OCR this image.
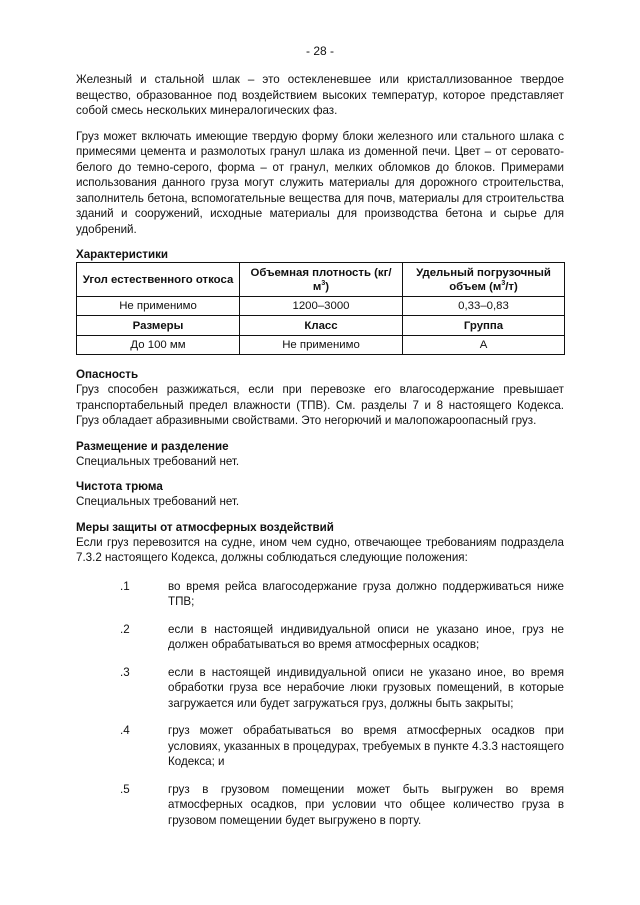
- 28 -

Железный и стальной шлак – это остекленевшее или кристаллизованное твердое вещество, образованное под воздействием высоких температур, которое представляет собой смесь нескольких минералогических фаз.

Груз может включать имеющие твердую форму блоки железного или стального шлака с примесями цемента и размолотых гранул шлака из доменной печи. Цвет – от серовато-белого до темно-серого, форма – от гранул, мелких обломков до блоков. Примерами использования данного груза могут служить материалы для дорожного строительства, заполнитель бетона, вспомогательные вещества для почв, материалы для строительства зданий и сооружений, исходные материалы для производства бетона и сырье для удобрений.

Характеристики
Угол естественного откоса	Объемная плотность $(кг/м^3)$	Удельный погрузочный объем $(м^3/т)$
Не применимо	1200–3000	0,33–0,83
Размеры	Класс	Группа
До 100 мм	Не применимо	А
Опасность

Груз способен разжижаться, если при перевозке его влагосодержание превышает транспортабельный предел влажности (ТПВ). См. разделы 7 и 8 настоящего Кодекса. Груз обладает абразивными свойствами. Это негорючий и малопожароопасный груз.

Размещение и разделение

Специальных требований нет.

Чистота трюма

Специальных требований нет.

Меры защиты от атмосферных воздействий

Если груз перевозится на судне, ином чем судно, отвечающее требованиям подраздела 7.3.2 настоящего Кодекса, должны соблюдаться следующие положения:

.1	во время рейса влагосодержание груза должно поддерживаться ниже ТПВ;
.2	если в настоящей индивидуальной описи не указано иное, груз не должен обрабатываться во время атмосферных осадков;
.3	если в настоящей индивидуальной описи не указано иное, во время обработки груза все нерабочие люки грузовых помещений, в которые загружается или будет загружаться груз, должны быть закрыты;
.4	груз может обрабатываться во время атмосферных осадков при условиях, указанных в процедурах, требуемых в пункте 4.3.3 настоящего Кодекса; и
.5	груз в грузовом помещении может быть выгружен во время атмосферных осадков, при условии что общее количество груза в грузовом помещении будет выгружено в порту.
